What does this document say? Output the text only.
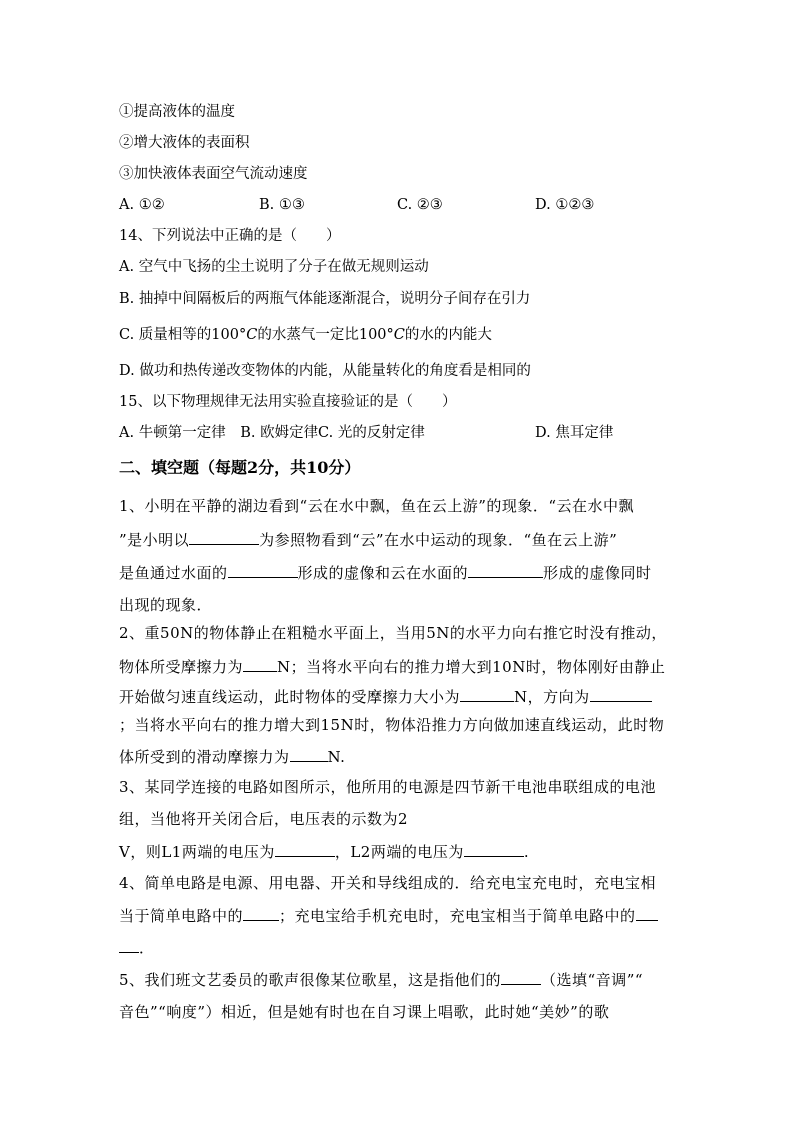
①提高液体的温度
②增大液体的表面积
③加快液体表面空气流动速度
A. ①②	B. ①③	C. ②③	D. ①②③
14、下列说法中正确的是（　　）
A. 空气中飞扬的尘土说明了分子在做无规则运动
B. 抽掉中间隔板后的两瓶气体能逐渐混合，说明分子间存在引力
C. 质量相等的100°C的水蒸气一定比100°C的水的内能大
D. 做功和热传递改变物体的内能，从能量转化的角度看是相同的
15、以下物理规律无法用实验直接验证的是（　　）
A. 牛顿第一定律　B. 欧姆定律C. 光的反射定律	D. 焦耳定律
二、填空题（每题2分，共10分）
1、小明在平静的湖边看到“云在水中飘，鱼在云上游”的现象．“云在水中飘
”是小明以	为参照物看到“云”在水中运动的现象．“鱼在云上游”
是鱼通过水面的	形成的虚像和云在水面的	形成的虚像同时
出现的现象．
2、重50N的物体静止在粗糙水平面上，当用5N的水平力向右推它时没有推动，
物体所受摩擦力为 N；当将水平向右的推力增大到10N时，物体刚好由静止
开始做匀速直线运动，此时物体的受摩擦力大小为	N，方向为
；当将水平向右的推力增大到15N时，物体沿推力方向做加速直线运动，此时物
体所受到的滑动摩擦力为	N.
3、某同学连接的电路如图所示，他所用的电源是四节新干电池串联组成的电池
组，当他将开关闭合后，电压表的示数为2
V，则L1两端的电压为	，L2两端的电压为	.
4、简单电路是电源、用电器、开关和导线组成的．给充电宝充电时，充电宝相
当于简单电路中的 ；充电宝给手机充电时，充电宝相当于简单电路中的
．
5、我们班文艺委员的歌声很像某位歌星，这是指他们的	（选填“音调”“
音色”“响度”）相近，但是她有时也在自习课上唱歌，此时她“美妙”的歌
